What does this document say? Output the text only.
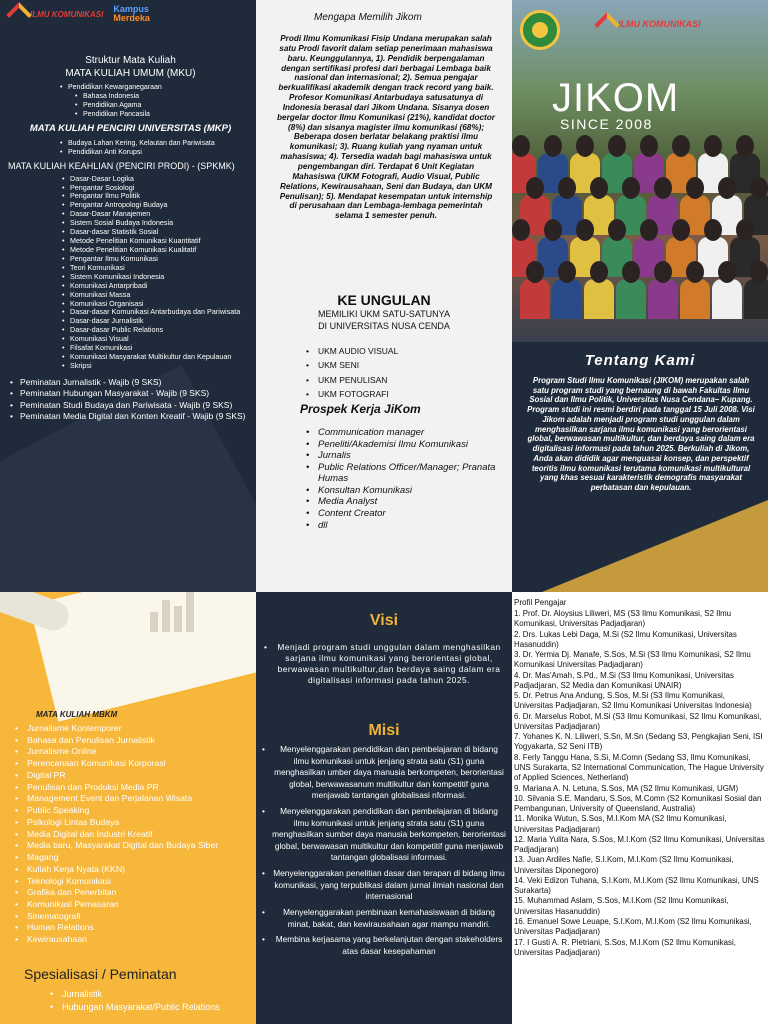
ILMU KOMUNIKASI Kampus
Merdeka
Struktur Mata Kuliah
MATA KULIAH UMUM (MKU)
• Pendidikan Kewarganegaraan
• Bahasa Indonesia
• Pendidikan Agama
• Pendidikan Pancasila
MATA KULIAH PENCIRI UNIVERSITAS (MKP)
• Budaya Lahan Kering, Kelautan dan Pariwisata
• Pendidikan Anti Korupsi
MATA KULIAH KEAHLIAN (PENCIRI PRODI) - (SPKMK)
• Dasar-Dasar Logika
• Pengantar Sosiologi
• Pengantar Ilmu Politik
• Pengantar Antropologi Budaya
• Dasar-Dasar Manajemen
• Sistem Sosial Budaya Indonesia
• Dasar-dasar Statistik Sosial
• Metode Penelitian Komunikasi Kuantitatif
• Metode Penelitian Komunikasi Kualitatif
• Pengantar Ilmu Komunikasi
• Teori Komunikasi
• Sistem Komunikasi Indonesia
• Komunikasi Antarpribadi
• Komunikasi Massa
• Komunikasi Organisasi
• Dasar-dasar Komunikasi Antarbudaya dan Pariwisata
• Dasar-dasar Jurnalistik
• Dasar-dasar Public Relations
• Komunikasi Visual
• Filsafat Komunikasi
• Komunikasi Masyarakat Multikultur dan Kepulauan
• Skripsi
• Peminatan Jurnalistik - Wajib (9 SKS)
• Peminatan Hubungan Masyarakat - Wajib (9 SKS)
• Peminatan Studi Budaya dan Pariwisata - Wajib (9 SKS)
• Peminatan Media Digital dan Konten Kreatif - Wajib (9 SKS)
Mengapa Memilih Jikom
Prodi Ilmu Komunikasi Fisip Undana merupakan salah satu Prodi favorit dalam setiap penerimaan mahasiswa baru. Keunggulannya, 1). Pendidik berpengalaman dengan sertifikasi profesi dari berbagai Lembaga baik nasional dan internasional; 2). Semua pengajar berkualifikasi akademik dengan track record yang baik. Profesor Komunikasi Antarbudaya satusatunya di Indonesia berasal dari Jikom Undana. Sisanya dosen bergelar doctor Ilmu Komunikasi (21%), kandidat doctor (8%) dan sisanya magister ilmu komunikasi (68%); Beberapa dosen berlatar belakang praktisi ilmu komunikasi; 3). Ruang kuliah yang nyaman untuk mahasiswa; 4). Tersedia wadah bagi mahasiswa untuk pengembangan diri. Terdapat 6 Unit Kegiatan Mahasiswa (UKM Fotografi, Audio Visual, Public Relations, Kewirausahaan, Seni dan Budaya, dan UKM Penulisan); 5). Mendapat kesempatan untuk internship di perusahaan dan Lembaga-lembaga pemerintah selama 1 semester penuh.
KE UNGULAN
MEMILIKI UKM SATU-SATUNYA
DI UNIVERSITAS NUSA CENDA
• UKM AUDIO VISUAL
• UKM SENI
• UKM PENULISAN
• UKM FOTOGRAFI
Prospek Kerja JiKom
• Communication manager
• Peneliti/Akademisi Ilmu Komunikasi
• Jurnalis
• Public Relations Officer/Manager; Pranata Humas
• Konsultan Komunikasi
• Media Analyst
• Content Creator
• dll
ILMU KOMUNIKASI
JIKOM
SINCE 2008
Tentang Kami
Program Studi Ilmu Komunikasi (JIKOM) merupakan salah satu program studi yang bernaung di bawah Fakultas Ilmu Sosial dan Ilmu Politik, Universitas Nusa Cendana– Kupang. Program studi ini resmi berdiri pada tanggal 15 Juli 2008. Visi Jikom adalah menjadi program studi unggulan dalam menghasilkan sarjana ilmu komunikasi yang berorientasi global, berwawasan multikultur, dan berdaya saing dalam era digitalisasi informasi pada tahun 2025. Berkuliah di Jikom, Anda akan dididik agar menguasai konsep, dan perspektif teoritis ilmu komunikasi terutama komunikasi multikultural yang khas sesuai karakteristik demografis masyarakat perbatasan dan kepulauan.
MATA KULIAH MBKM
• Jurnalisme Kontemporer
• Bahasa dan Penulisan Jurnalistik
• Jurnalisme Online
• Perencanaan Komunikasi Korporasi
• Digital PR
• Penulisan dan Produksi Media PR
• Management Event dan Perjalanan Wisata
• Public Speaking
• Psikologi Lintas Budaya
• Media Digital dan Industri Kreatif
• Media baru, Masyarakat Digital dan Budaya Siber
• Magang
• Kuliah Kerja Nyata (KKN)
• Teknologi Komunikasi
• Grafika dan Penerbitan
• Komunikasi Pemasaran
• Sinematografi
• Human Relations
• Kewirausahaan
Spesialisasi / Peminatan
• Jurnalistik
• Hubungan Masyarakat/Public Relations
Visi
• Menjadi program studi unggulan dalam menghasilkan sarjana ilmu komunikasi yang berorientasi global, berwawasan multikultur,dan berdaya saing dalam era digitalisasi informasi pada tahun 2025.
Misi
• Menyelenggarakan pendidikan dan pembelajaran di bidang ilmu komunikasi untuk jenjang strata satu (S1) guna menghasilkan umber daya manusia berkompeten, berorientasi global, berwawasanum multikultur dan kompetitif guna menjawab tantangan globalisasi nformasi.
• Menyelenggarakan pendidikan dan pembelajaran di bidang ilmu komunikasi untuk jenjang strata satu (S1) guna menghasilkan sumber daya manusia berkompeten, berorientasi global, berwawasan multikultur dan kompetitif guna menjawab tantangan globalisasi informasi.
• Menyelenggarakan penelitian dasar dan terapan di bidang ilmu komunikasi, yang terpublikasi dalam jurnal ilmiah nasional dan internasional
• Menyelenggarakan pembinaan kemahasiswaan di bidang minat, bakat, dan kewirausahaan agar mampu mandiri.
• Membina kerjasama yang berkelanjutan dengan stakeholders atas dasar kesepahaman
Profil Pengajar
1. Prof. Dr. Aloysius Liliweri, MS (S3 Ilmu Komunikasi, S2 Ilmu Komunikasi, Universitas Padjadjaran)
2. Drs. Lukas Lebi Daga, M.Si (S2 Ilmu Komunikasi, Universitas Hasanuddin)
3. Dr. Yermia Dj. Manafe, S.Sos, M.Si (S3 Ilmu Komunikasi, S2 Ilmu Komunikasi Universitas Padjadjaran)
4. Dr. Mas'Amah, S.Pd., M.Si (S3 Ilmu Komunikasi, Universitas Padjadjaran, S2 Media dan Komunikasi UNAIR)
5. Dr. Petrus Ana Andung, S.Sos, M.Si (S3 Ilmu Komunikasi, Universitas Padjadjaran, S2 Ilmu Komunikasi Universitas Indonesia)
6. Dr. Marselus Robot, M.Si (S3 Ilmu Komunikasi, S2 Ilmu Komunikasi, Universitas Padjadjaran)
7. Yohanes K. N. Liliweri, S.Sn, M.Sn (Sedang S3, Pengkajian Seni, ISI Yogyakarta, S2 Seni ITB)
8. Ferly Tanggu Hana, S.Si, M.Comn (Sedang S3, Ilmu Komunikasi, UNS Surakarta, S2 International Communication, The Hague University of Applied Sciences, Netherland)
9. Mariana A. N. Letuna, S.Sos, MA (S2 Ilmu Komunikasi, UGM)
10. Silvania S.E. Mandaru, S.Sos, M.Comn (S2 Komunikasi Sosial dan Pembangunan, University of Queensland, Australia)
11. Monika Wutun, S.Sos, M.I.Kom MA (S2 Ilmu Komunikasi, Universitas Padjadjaran)
12. Maria Yulita Nara, S.Sos, M.I.Kom (S2 Ilmu Komunikasi, Universitas Padjadjaran)
13. Juan Ardiles Nafie, S.I.Kom, M.I.Kom (S2 Ilmu Komunikasi, Universitas Diponegoro)
14. Veki Edizon Tuhana, S.I.Kom, M.I.Kom (S2 Ilmu Komunikasi, UNS Surakarta)
15. Muhammad Aslam, S.Sos, M.I.Kom (S2 Ilmu Komunikasi, Universitas Hasanuddin)
16. Emanuel Sowe Leuape, S.I.Kom, M.I.Kom (S2 Ilmu Komunikasi, Universitas Padjadjaran)
17. I Gusti A. R. Pietriani, S.Sos, M.I.Kom (S2 Ilmu Komunikasi, Universitas Padjadjaran)
